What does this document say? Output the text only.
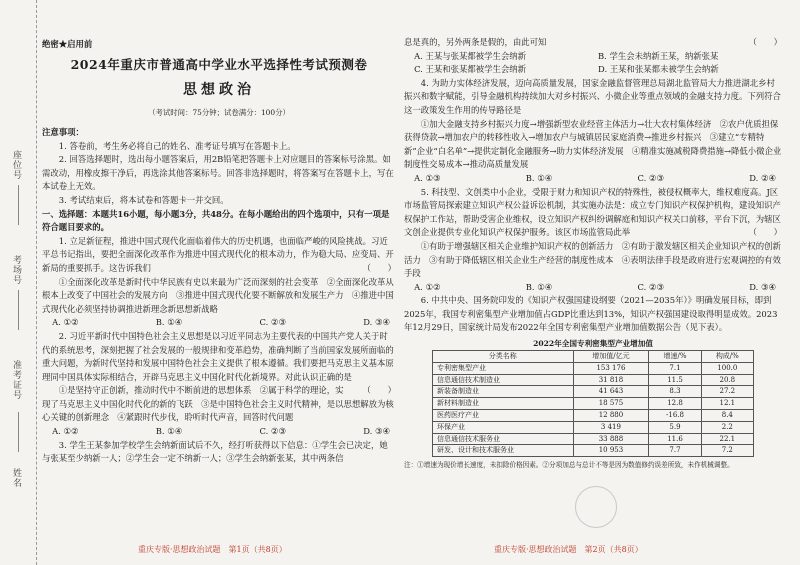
座位号
考场号
准考证号
姓名
绝密★启用前
2024年重庆市普通高中学业水平选择性考试预测卷
思想政治
（考试时间：75分钟；试卷满分：100分）

注意事项：

1. 答卷前，考生务必将自己的姓名、准考证号填写在答题卡上。

2. 回答选择题时，选出每小题答案后，用2B铅笔把答题卡上对应题目的答案标号涂黑。如需改动，用橡皮擦干净后，再选涂其他答案标号。回答非选择题时，将答案写在答题卡上，写在本试卷上无效。

3. 考试结束后，将本试卷和答题卡一并交回。

一、选择题：本题共16小题，每小题3分，共48分。在每小题给出的四个选项中，只有一项是符合题目要求的。

1. 立足新征程，推进中国式现代化面临着伟大的历史机遇，也面临严峻的风险挑战。习近平总书记指出，要把全面深化改革作为推进中国式现代化的根本动力，作为稳大局、应变局、开新局的重要抓手。这告诉我们	（　　）

①全面深化改革是新时代中华民族有史以来最为广泛而深刻的社会变革　②全面深化改革从根本上改变了中国社会的发展方向　③推进中国式现代化要不断解放和发展生产力　④推进中国式现代化必须坚持协调推进新理念新思想新战略

A. ①②	B. ①④	C. ②③	D. ③④

2. 习近平新时代中国特色社会主义思想是以习近平同志为主要代表的中国共产党人关于时代的系统思考，深刻把握了社会发展的一般规律和变革趋势，准确判断了当前国家发展所面临的重大问题，为新时代坚持和发展中国特色社会主义提供了根本遵循。我们要把马克思主义基本原理同中国具体实际相结合，开辟马克思主义中国化时代化新境界。对此认识正确的是
（　　）

①是坚持守正创新，推动时代中不断前进的思想体系　②属于科学的理论，实现了马克思主义中国化时代化的新的飞跃　③是中国特色社会主义时代精神，是以思想解放为核心关键的创新理念　④紧跟时代步伐，聆听时代声音，回答时代问题

A. ①②	B. ①④	C. ②③	D. ③④

3. 学生王某参加学校学生会纳新面试后不久，经打听获得以下信息：①学生会已决定，她与张某至少纳新一人；②学生会一定不纳新一人；③学生会纳新张某，其中两条信

重庆专版·思想政治试题　第1页（共8页）

息是真的，另外两条是假的，由此可知	（　　）

A. 王某与张某都被学生会纳新	B. 学生会未纳新王某，纳新张某
C. 王某和张某都被学生会纳新	D. 王某和张某都未被学生会纳新

4. 为助力实体经济发展，迈向高质量发展，国家金融监督管理总局湖北监管局大力推进湖北乡村振兴和数字赋能，引导金融机构持续加大对乡村振兴、小微企业等重点领域的金融支持力度。下列符合这一政策发生作用的传导路径是

①加大金融支持乡村振兴力度→增强新型农业经营主体活力→壮大农村集体经济　②农户优质担保获得贷款→增加农户的转移性收入→增加农户与城镇居民家庭消费→推进乡村振兴　③建立“专精特新”企业“白名单”→提供定制化金融服务→助力实体经济发展　④精准实施减税降费措施→降低小微企业制度性交易成本→推动高质量发展

A. ①③	B. ①④	C. ②③	D. ②④

5. 科技型、文创类中小企业，受限于财力和知识产权的特殊性，被侵权概率大，维权难度高。J区市场监管局探索建立知识产权公益诉讼机制，其实施办法是：成立专门知识产权保护机构，建设知识产权保护工作站，帮助受害企业维权，设立知识产权纠纷调解庭和知识产权关口前移，平台下沉，为辖区文创企业提供专业化知识产权保护服务。该区市场监管局此举	（　　）

①有助于增强辖区相关企业维护知识产权的创新活力　②有助于激发辖区相关企业知识产权的创新活力　③有助于降低辖区相关企业生产经营的制度性成本　④表明法律手段是政府进行宏观调控的有效手段

A. ①②	B. ①④	C. ②③	D. ③④

6. 中共中央、国务院印发的《知识产权强国建设纲要（2021—2035年）》明确发展目标，即到2025年，我国专利密集型产业增加值占GDP比重达到13%，知识产权强国建设取得明显成效。2023年12月29日，国家统计局发布2022年全国专利密集型产业增加值数据公告（见下表）。

2022年全国专利密集型产业增加值
分类名称	增加值/亿元	增速/%	构成/%
专利密集型产业	153 176	7.1	100.0
信息通信技术制造业	31 818	11.5	20.8
新装备制造业	41 643	8.3	27.2
新材料制造业	18 575	12.8	12.1
医药医疗产业	12 880	-16.8	8.4
环保产业	3 419	5.9	2.2
信息通信技术服务业	33 888	11.6	22.1
研发、设计和技术服务业	10 953	7.7	7.2

注：①增速为现价增长速度，未扣除价格因素。②分项加总与总计不等是因为数值修约误差所致，未作机械调整。

重庆专版·思想政治试题　第2页（共8页）
